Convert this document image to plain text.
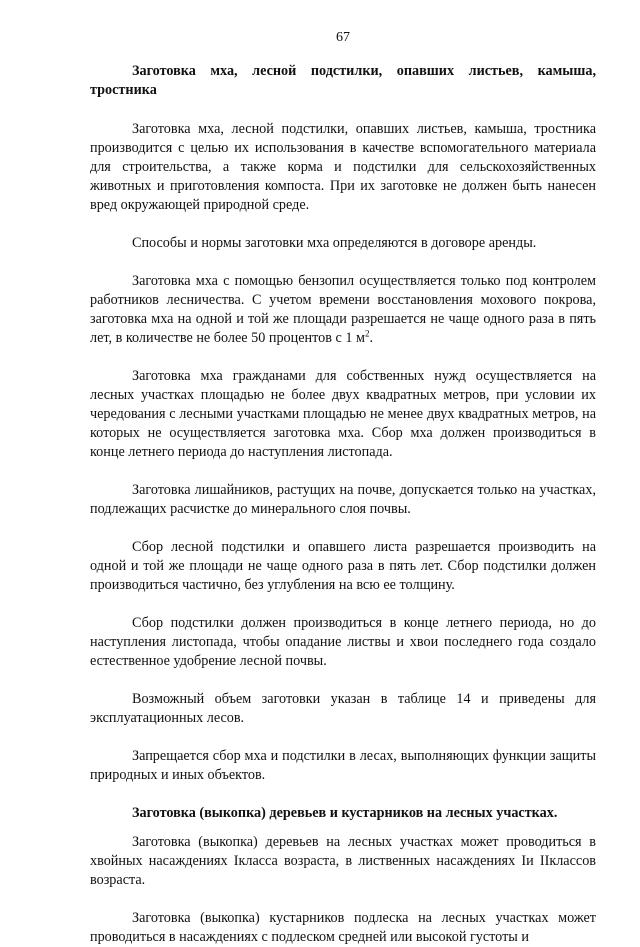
67

Заготовка мха, лесной подстилки, опавших листьев, камыша, тростника

Заготовка мха, лесной подстилки, опавших листьев, камыша, тростника производится с целью их использования в качестве вспомогательного материала для строительства, а также корма и подстилки для сельскохозяйственных животных и приготовления компоста. При их заготовке не должен быть нанесен вред окружающей природной среде.

Способы и нормы заготовки мха определяются в договоре аренды.

Заготовка мха с помощью бензопил осуществляется только под контролем работников лесничества. С учетом времени восстановления мохового покрова, заготовка мха на одной и той же площади разрешается не чаще одного раза в пять лет, в количестве не более 50 процентов с 1 $м^2$.

Заготовка мха гражданами для собственных нужд осуществляется на лесных участках площадью не более двух квадратных метров, при условии их чередования с лесными участками площадью не менее двух квадратных метров, на которых не осуществляется заготовка мха. Сбор мха должен производиться в конце летнего периода до наступления листопада.

Заготовка лишайников, растущих на почве, допускается только на участках, подлежащих расчистке до минерального слоя почвы.

Сбор лесной подстилки и опавшего листа разрешается производить на одной и той же площади не чаще одного раза в пять лет. Сбор подстилки должен производиться частично, без углубления на всю ее толщину.

Сбор подстилки должен производиться в конце летнего периода, но до наступления листопада, чтобы опадание листвы и хвои последнего года создало естественное удобрение лесной почвы.

Возможный объем заготовки указан в таблице 14 и приведены для эксплуатационных лесов.

Запрещается сбор мха и подстилки в лесах, выполняющих функции защиты природных и иных объектов.

Заготовка (выкопка) деревьев и кустарников на лесных участках.

Заготовка (выкопка) деревьев на лесных участках может проводиться в хвойных насаждениях Iкласса возраста, в лиственных насаждениях Iи IIклассов возраста.

Заготовка (выкопка) кустарников подлеска на лесных участках может проводиться в насаждениях с подлеском средней или высокой густоты и
